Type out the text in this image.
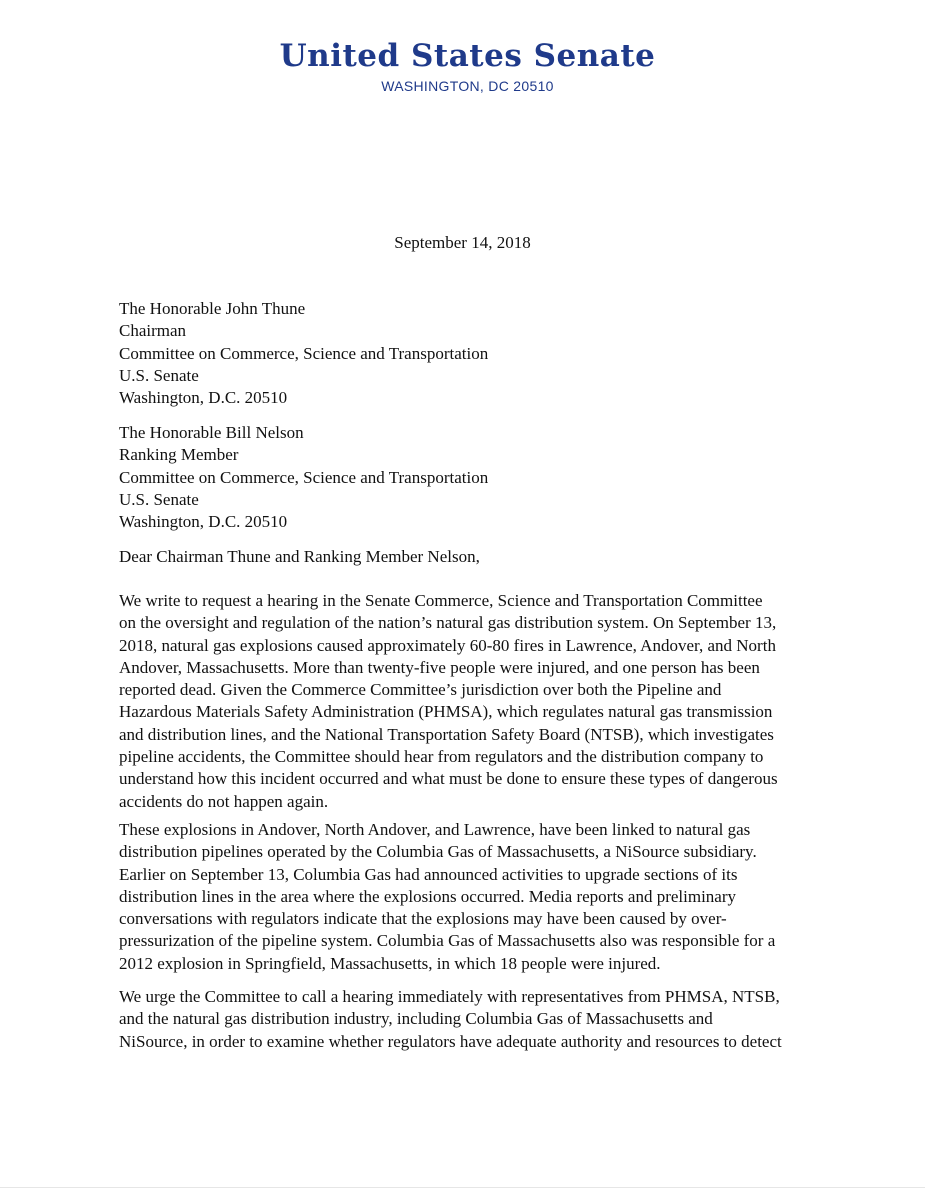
United States Senate
WASHINGTON, DC 20510
September 14, 2018
The Honorable John Thune
Chairman
Committee on Commerce, Science and Transportation
U.S. Senate
Washington, D.C. 20510
The Honorable Bill Nelson
Ranking Member
Committee on Commerce, Science and Transportation
U.S. Senate
Washington, D.C. 20510
Dear Chairman Thune and Ranking Member Nelson,
We write to request a hearing in the Senate Commerce, Science and Transportation Committee
on the oversight and regulation of the nation’s natural gas distribution system. On September 13,
2018, natural gas explosions caused approximately 60-80 fires in Lawrence, Andover, and North
Andover, Massachusetts. More than twenty-five people were injured, and one person has been
reported dead. Given the Commerce Committee’s jurisdiction over both the Pipeline and
Hazardous Materials Safety Administration (PHMSA), which regulates natural gas transmission
and distribution lines, and the National Transportation Safety Board (NTSB), which investigates
pipeline accidents, the Committee should hear from regulators and the distribution company to
understand how this incident occurred and what must be done to ensure these types of dangerous
accidents do not happen again.
These explosions in Andover, North Andover, and Lawrence, have been linked to natural gas
distribution pipelines operated by the Columbia Gas of Massachusetts, a NiSource subsidiary.
Earlier on September 13, Columbia Gas had announced activities to upgrade sections of its
distribution lines in the area where the explosions occurred. Media reports and preliminary
conversations with regulators indicate that the explosions may have been caused by over-
pressurization of the pipeline system. Columbia Gas of Massachusetts also was responsible for a
2012 explosion in Springfield, Massachusetts, in which 18 people were injured.
We urge the Committee to call a hearing immediately with representatives from PHMSA, NTSB,
and the natural gas distribution industry, including Columbia Gas of Massachusetts and
NiSource, in order to examine whether regulators have adequate authority and resources to detect
